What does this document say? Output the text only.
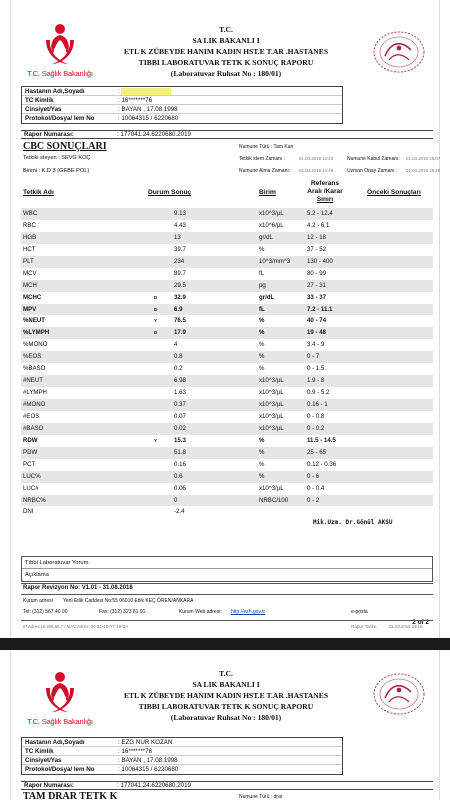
T.C. Sağlık Bakanlığı
T.C.
SA LIK BAKANLI I
ETL K ZÜBEYDE HANIM KADIN HST.E T.AR .HASTANES
TIBBI LABORATUVAR TETK K SONUÇ RAPORU
(Laboratuvar Ruhsat No : 180/01)
Hastanın Adı,Soyadı	:
TC Kimlik	: 16*******76
Cinsiyet/Yas	: BAYAN , 17.08.1998
Protokol/Dosya/ lem No	: 10064315 / 6220680
Rapor Numarası:	: 177041.24.6220680.2019
CBC SONUÇLARI	Numune Türü : Tam Kan
Tetkiki steyen : SEVG KOÇ
Birimi : K.D 3 (GEBE POL)
Tetkik stem Zamanı :	01.03.2019 14:43	Numune Kabul Zamanı: 01.03.2019 15:07
Numune Alma Zamanı: 01.03.2019 14:46	Uzman Onay Zamanı : 01.03.2019 15:25
Tetkik Adı	Durum Sonuç	Birim
Referans
Aralı /Karar
Sınırı
Önceki Sonuçları
WBC	9.13	x10^3/µL	5.2 - 12.4
RBC	4.43	x10^6/µL	4.2 - 6.1
HGB	13	gr/dL	12 - 18
HCT	39.7	%	37 - 52
PLT	234	10^3/mm^3	130 - 400
MCV	89.7	fL	80 - 99
MCH	29.5	pg	27 - 31
MCHC	D	32.9	gr/dL	33 - 37
MPV	D	6.9	fL	7.2 - 11.1
%NEUT	Y	76.5	%	40 - 74
%LYMPH	D	17.9	%	19 - 48
%MONO	4	%	3.4 - 9
%EOS	0.8	%	0 - 7
%BASO	0.2	%	0 - 1.5
#NEUT	6.98	x10^3/µL	1.9 - 8
#LYMPH	1.63	x10^3/µL	0.9 - 5.2
#MONO	0.37	x10^3/µL	0.16 - 1
#EOS	0.07	x10^3/µL	0 - 0.8
#BASO	0.02	x10^3/µL	0 - 0.2
RDW	Y	15.3	%	11.5 - 14.5
PDW	51.8	%	25 - 65
PCT	0.16	%	0.12 - 0.36
LUC%	0.6	%	0 - 6
LUC#	0.06	x10^3/µL	0 - 0.4
NRBC%	0	NRBC/100	0 - 2
DNI	-2.4
Mik.Uzm. Dr.Gönül AKSU
Tıbbi Laboratuvar Yorum
Açıklama
Rapor Revizyon No: V1.01 - 31.08.2018
Kurum adresi Yeni Etlik Caddesi No:55 06010 Etlik KEÇ ÖREN/ANKARA
Tel: (312) 567 40 00	Fax: (312) 323 81 91	Kurum Web adresi: http://ezh.gov.tr	e-posta
2 of 2
IP Adres:10.208.56.7 / MAC Adres: 00-22-4D-77-19-BA	Rapor Tarihi:	01.03.2019 18:16
T.C. Sağlık Bakanlığı
T.C.
SA LIK BAKANLI I
ETL K ZÜBEYDE HANIM KADIN HST.E T.AR .HASTANES
TIBBI LABORATUVAR TETK K SONUÇ RAPORU
(Laboratuvar Ruhsat No : 180/01)
Hastanın Adı,Soyadı	: EZG NUR KOZAN
TC Kimlik	: 16*******76
Cinsiyet/Yas	: BAYAN , 17.08.1998
Protokol/Dosya/ lem No	: 10064315 / 6220680
Rapor Numarası:	: 177041.24.6220680.2019
TAM DRAR TETK K	Numune Türü : drar
